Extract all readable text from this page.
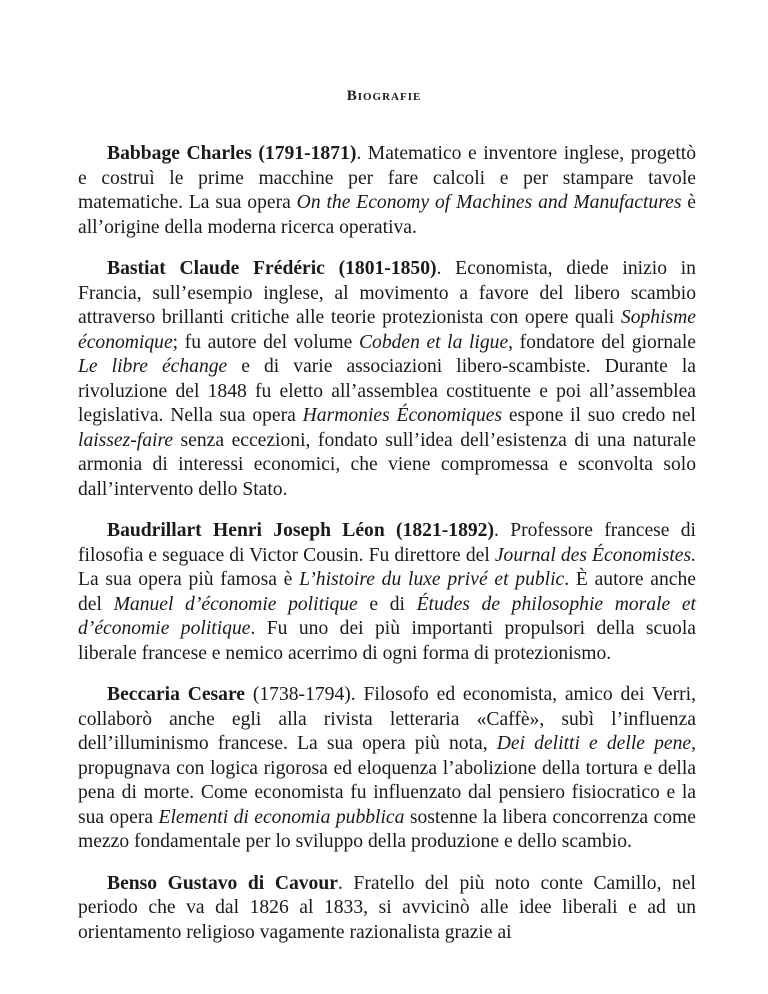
Biografie

Babbage Charles (1791-1871). Matematico e inventore inglese, progettò e costruì le prime macchine per fare calcoli e per stampare tavole matematiche. La sua opera On the Economy of Machines and Manufactures è all’origine della moderna ricerca operativa.

Bastiat Claude Frédéric (1801-1850). Economista, diede inizio in Francia, sull’esempio inglese, al movimento a favore del libero scambio attraverso brillanti critiche alle teorie protezionista con opere quali Sophisme économique; fu autore del volume Cobden et la ligue, fondatore del giornale Le libre échange e di varie associazioni libero-scambiste. Durante la rivoluzione del 1848 fu eletto all’assemblea costituente e poi all’assemblea legislativa. Nella sua opera Harmonies Économiques espone il suo credo nel laissez-faire senza eccezioni, fondato sull’idea dell’esistenza di una naturale armonia di interessi economici, che viene compromessa e sconvolta solo dall’intervento dello Stato.

Baudrillart Henri Joseph Léon (1821-1892). Professore francese di filosofia e seguace di Victor Cousin. Fu direttore del Journal des Économistes. La sua opera più famosa è L’histoire du luxe privé et public. È autore anche del Manuel d’économie politique e di Études de philosophie morale et d’économie politique. Fu uno dei più importanti propulsori della scuola liberale francese e nemico acerrimo di ogni forma di protezionismo.

Beccaria Cesare (1738-1794). Filosofo ed economista, amico dei Verri, collaborò anche egli alla rivista letteraria «Caffè», subì l’influenza dell’illuminismo francese. La sua opera più nota, Dei delitti e delle pene, propugnava con logica rigorosa ed eloquenza l’abolizione della tortura e della pena di morte. Come economista fu influenzato dal pensiero fisiocratico e la sua opera Elementi di economia pubblica sostenne la libera concorrenza come mezzo fondamentale per lo sviluppo della produzione e dello scambio.

Benso Gustavo di Cavour. Fratello del più noto conte Camillo, nel periodo che va dal 1826 al 1833, si avvicinò alle idee liberali e ad un orientamento religioso vagamente razionalista grazie ai
